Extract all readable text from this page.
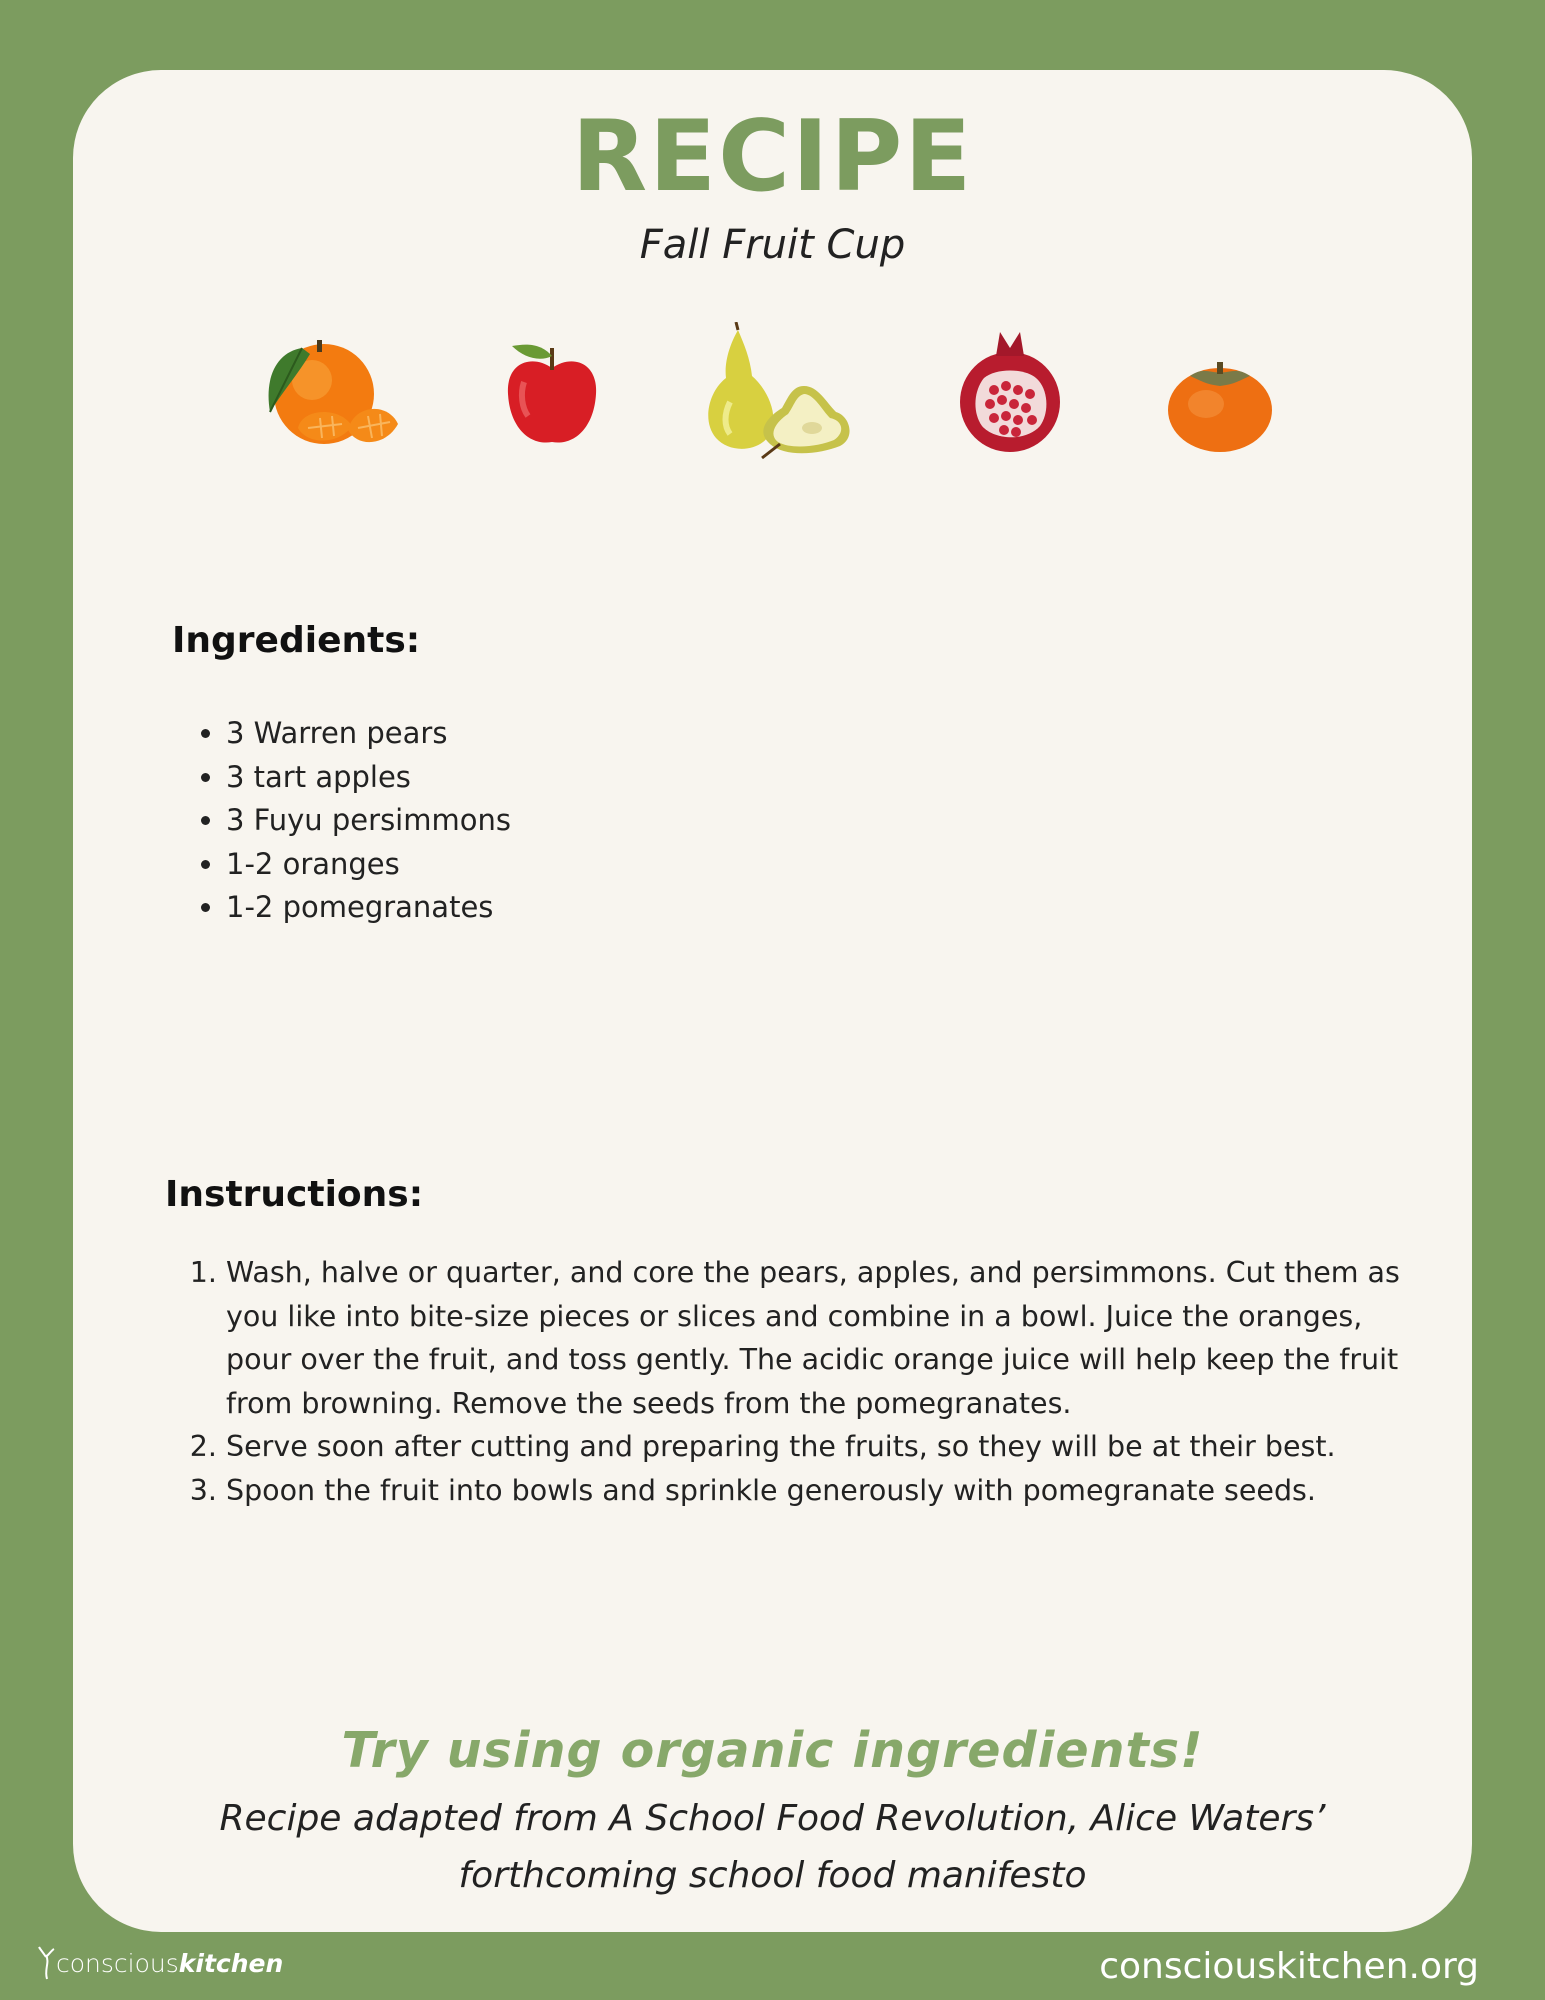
RECIPE
Fall Fruit Cup
Ingredients:
• 3 Warren pears
• 3 tart apples
• 3 Fuyu persimmons
• 1-2 oranges
• 1-2 pomegranates
Instructions:
1. Wash, halve or quarter, and core the pears, apples, and persimmons. Cut them as you like into bite-size pieces or slices and combine in a bowl. Juice the oranges, pour over the fruit, and toss gently. The acidic orange juice will help keep the fruit from browning. Remove the seeds from the pomegranates.
2. Serve soon after cutting and preparing the fruits, so they will be at their best.
3. Spoon the fruit into bowls and sprinkle generously with pomegranate seeds.
Try using organic ingredients!
Recipe adapted from A School Food Revolution, Alice Waters’
forthcoming school food manifesto
conscious kitchen	consciouskitchen.org
